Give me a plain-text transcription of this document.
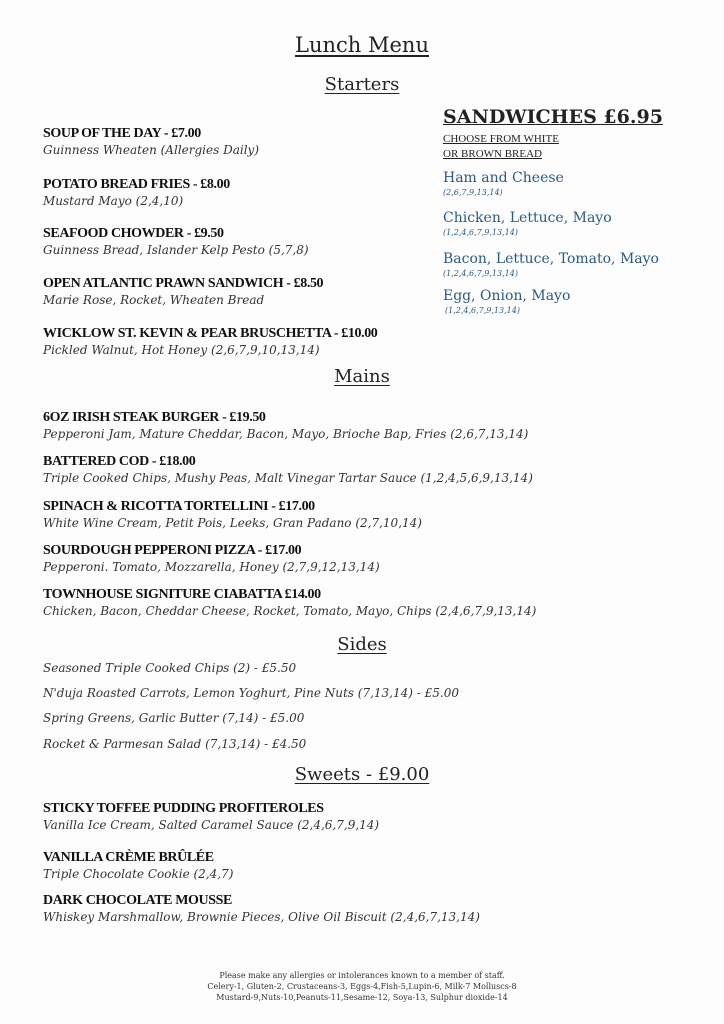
Lunch Menu
Starters
SOUP OF THE DAY - £7.00
Guinness Wheaten (Allergies Daily)
POTATO BREAD FRIES - £8.00
Mustard Mayo (2,4,10)
SEAFOOD CHOWDER - £9.50
Guinness Bread, Islander Kelp Pesto (5,7,8)
OPEN ATLANTIC PRAWN SANDWICH - £8.50
Marie Rose, Rocket, Wheaten Bread
WICKLOW ST. KEVIN & PEAR BRUSCHETTA - £10.00
Pickled Walnut, Hot Honey (2,6,7,9,10,13,14)
SANDWICHES £6.95
CHOOSE FROM WHITE
OR BROWN BREAD
Ham and Cheese
(2,6,7,9,13,14)
Chicken, Lettuce, Mayo
(1,2,4,6,7,9,13,14)
Bacon, Lettuce, Tomato, Mayo
(1,2,4,6,7,9,13,14)
Egg, Onion, Mayo
(1,2,4,6,7,9,13,14)
Mains
6OZ IRISH STEAK BURGER - £19.50
Pepperoni Jam, Mature Cheddar, Bacon, Mayo, Brioche Bap, Fries (2,6,7,13,14)
BATTERED COD - £18.00
Triple Cooked Chips, Mushy Peas, Malt Vinegar Tartar Sauce (1,2,4,5,6,9,13,14)
SPINACH & RICOTTA TORTELLINI - £17.00
White Wine Cream, Petit Pois, Leeks, Gran Padano (2,7,10,14)
SOURDOUGH PEPPERONI PIZZA - £17.00
Pepperoni. Tomato, Mozzarella, Honey (2,7,9,12,13,14)
TOWNHOUSE SIGNITURE CIABATTA £14.00
Chicken, Bacon, Cheddar Cheese, Rocket, Tomato, Mayo, Chips (2,4,6,7,9,13,14)
Sides
Seasoned Triple Cooked Chips (2) - £5.50
N'duja Roasted Carrots, Lemon Yoghurt, Pine Nuts (7,13,14) - £5.00
Spring Greens, Garlic Butter (7,14) - £5.00
Rocket & Parmesan Salad (7,13,14) - £4.50
Sweets - £9.00
STICKY TOFFEE PUDDING PROFITEROLES
Vanilla Ice Cream, Salted Caramel Sauce (2,4,6,7,9,14)
VANILLA CRÈME BRÛLÉE
Triple Chocolate Cookie (2,4,7)
DARK CHOCOLATE MOUSSE
Whiskey Marshmallow, Brownie Pieces, Olive Oil Biscuit (2,4,6,7,13,14)
Please make any allergies or intolerances known to a member of staff.
Celery-1, Gluten-2, Crustaceans-3, Eggs-4,Fish-5,Lupin-6, Milk-7 Molluscs-8
Mustard-9,Nuts-10,Peanuts-11,Sesame-12, Soya-13, Sulphur dioxide-14
